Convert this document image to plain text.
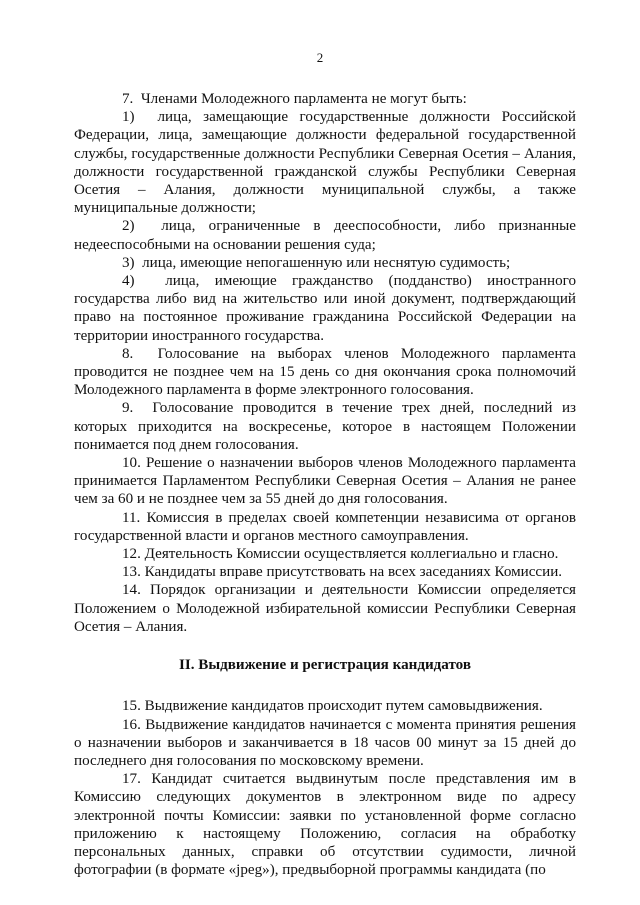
2

7.  Членами Молодежного парламента не могут быть:

1)  лица, замещающие государственные должности Российской Федерации, лица, замещающие должности федеральной государственной службы, государственные должности Республики Северная Осетия – Алания, должности государственной гражданской службы Республики Северная Осетия – Алания, должности муниципальной службы, а также муниципальные должности;

2)  лица, ограниченные в дееспособности, либо признанные недееспособными на основании решения суда;

3)  лица, имеющие непогашенную или неснятую судимость;

4)  лица, имеющие гражданство (подданство) иностранного государства либо вид на жительство или иной документ, подтверждающий право на постоянное проживание гражданина Российской Федерации на территории иностранного государства.

8.  Голосование на выборах членов Молодежного парламента проводится не позднее чем на 15 день со дня окончания срока полномочий Молодежного парламента в форме электронного голосования.

9.  Голосование проводится в течение трех дней, последний из которых приходится на воскресенье, которое в настоящем Положении понимается под днем голосования.

10. Решение о назначении выборов членов Молодежного парламента принимается Парламентом Республики Северная Осетия – Алания не ранее чем за 60 и не позднее чем за 55 дней до дня голосования.

11. Комиссия в пределах своей компетенции независима от органов государственной власти и органов местного самоуправления.

12. Деятельность Комиссии осуществляется коллегиально и гласно.

13. Кандидаты вправе присутствовать на всех заседаниях Комиссии.

14. Порядок организации и деятельности Комиссии определяется Положением о Молодежной избирательной комиссии Республики Северная Осетия – Алания.

II. Выдвижение и регистрация кандидатов

15. Выдвижение кандидатов происходит путем самовыдвижения.

16. Выдвижение кандидатов начинается с момента принятия решения о назначении выборов и заканчивается в 18 часов 00 минут за 15 дней до последнего дня голосования по московскому времени.

17. Кандидат считается выдвинутым после представления им в Комиссию следующих документов в электронном виде по адресу электронной почты Комиссии: заявки по установленной форме согласно приложению к настоящему Положению, согласия на обработку персональных данных, справки об отсутствии судимости, личной фотографии (в формате «jpeg»), предвыборной программы кандидата (по
